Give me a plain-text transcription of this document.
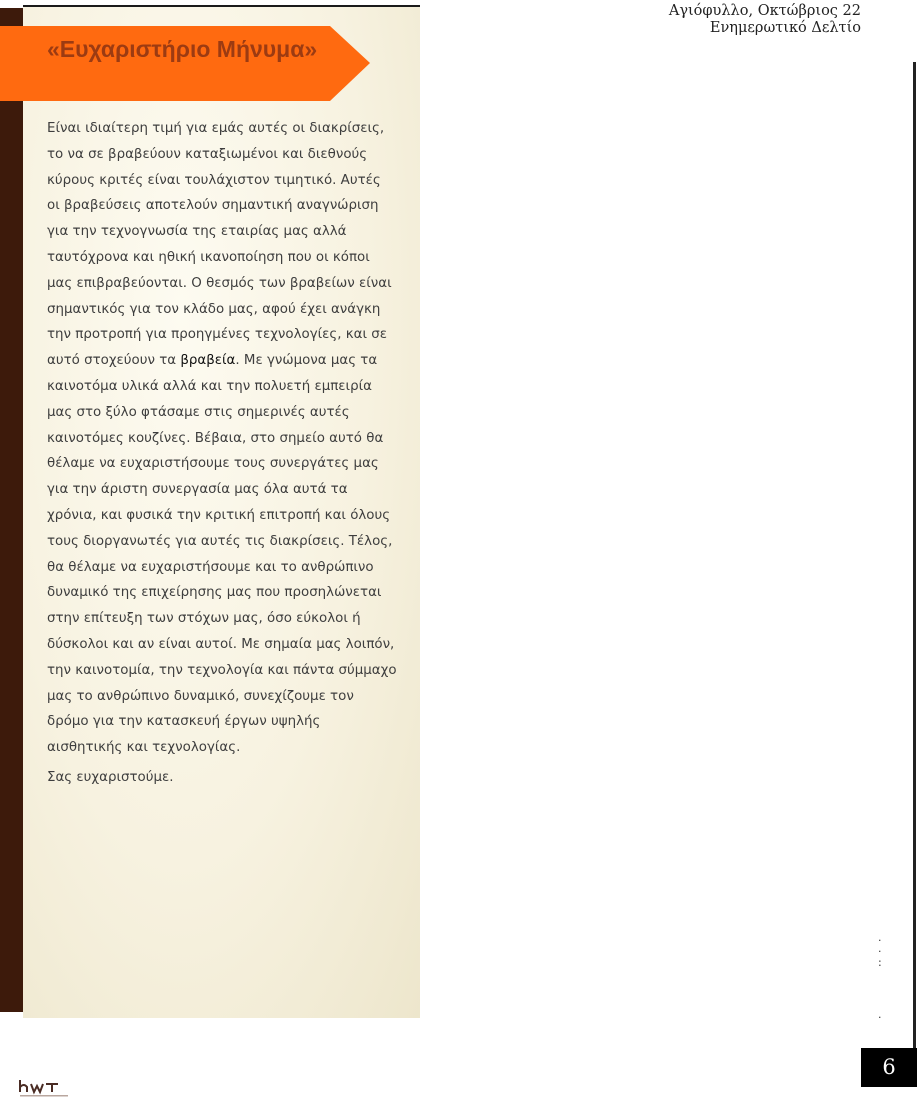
«Ευχαριστήριο Μήνυμα»

Είναι ιδιαίτερη τιμή για εμάς αυτές οι διακρίσεις, το να σε βραβεύουν καταξιωμένοι και διεθνούς κύρους κριτές είναι τουλάχιστον τιμητικό. Αυτές οι βραβεύσεις αποτελούν σημαντική αναγνώριση για την τεχνογνωσία της εταιρίας μας αλλά ταυτόχρονα και ηθική ικανοποίηση που οι κόποι μας επιβραβεύονται. Ο θεσμός των βραβείων είναι σημαντικός για τον κλάδο μας, αφού έχει ανάγκη την προτροπή για προηγμένες τεχνολογίες, και σε αυτό στοχεύουν τα βραβεία. Με γνώμονα μας τα καινοτόμα υλικά αλλά και την πολυετή εμπειρία μας στο ξύλο φτάσαμε στις σημερινές αυτές καινοτόμες κουζίνες. Βέβαια, στο σημείο αυτό θα θέλαμε να ευχαριστήσουμε τους συνεργάτες μας για την άριστη συνεργασία μας όλα αυτά τα χρόνια, και φυσικά την κριτική επιτροπή και όλους τους διοργανωτές για αυτές τις διακρίσεις. Τέλος, θα θέλαμε να ευχαριστήσουμε και το ανθρώπινο δυναμικό της επιχείρησης μας που προσηλώνεται στην επίτευξη των στόχων μας, όσο εύκολοι ή δύσκολοι και αν είναι αυτοί. Με σημαία μας λοιπόν, την καινοτομία, την τεχνολογία και πάντα σύμμαχο μας το ανθρώπινο δυναμικό, συνεχίζουμε τον δρόμο για την κατασκευή έργων υψηλής αισθητικής και τεχνολογίας.

Σας ευχαριστούμε.
Αγιόφυλλο, Οκτώβριος 22
Ενημερωτικό Δελτίο
·
·
:

·
6
